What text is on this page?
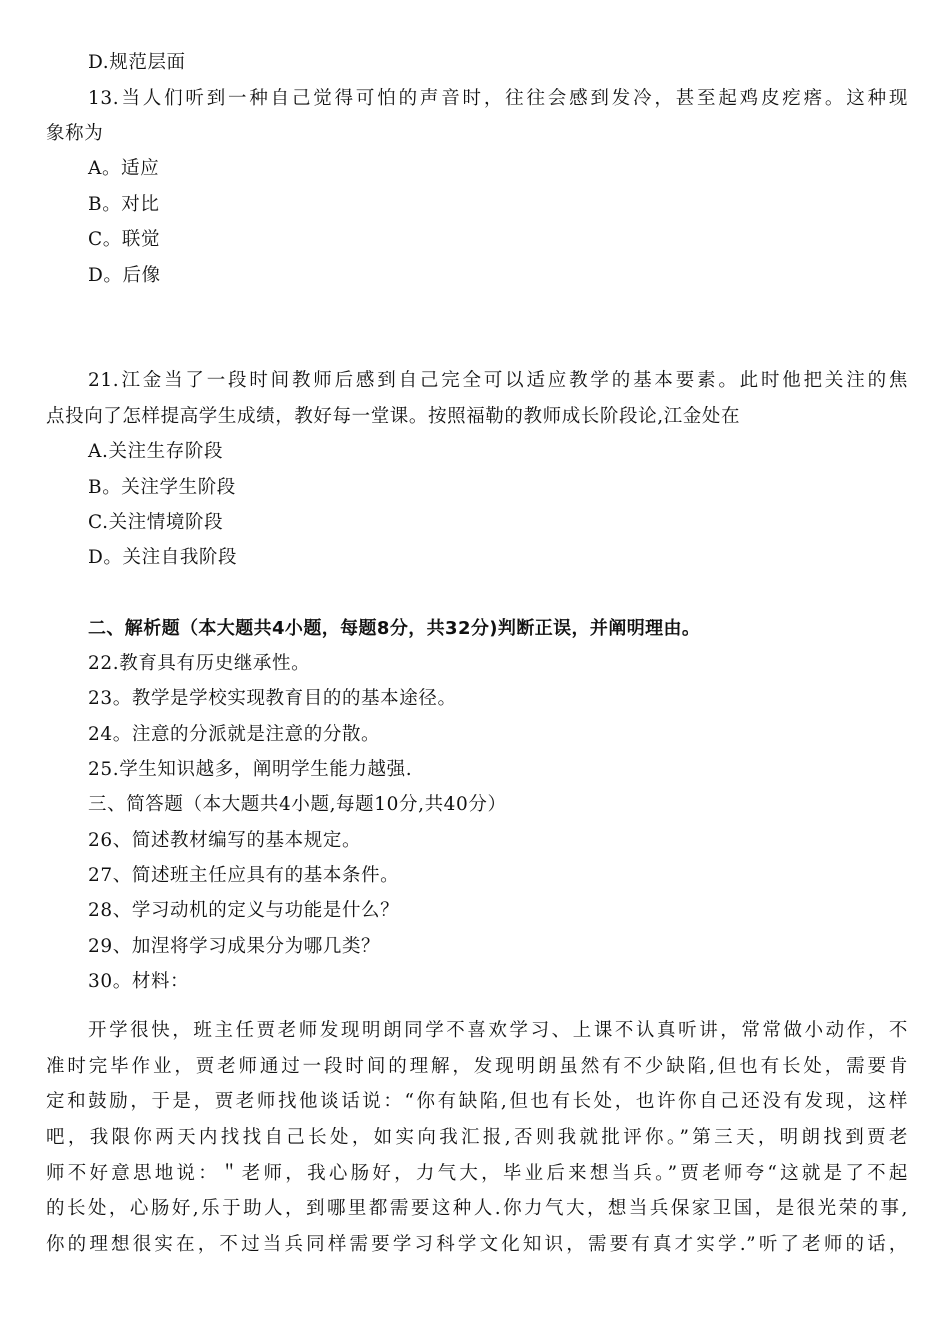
D.规范层面
13.当人们听到一种自己觉得可怕的声音时，往往会感到发冷，甚至起鸡皮疙瘩。这种现
象称为
A。适应
B。对比
C。联觉
D。后像
21.江金当了一段时间教师后感到自己完全可以适应教学的基本要素。此时他把关注的焦
点投向了怎样提高学生成绩，教好每一堂课。按照福勒的教师成长阶段论,江金处在
A.关注生存阶段
B。关注学生阶段
C.关注情境阶段
D。关注自我阶段
二、解析题（本大题共4小题，每题8分，共32分)判断正误，并阐明理由。
22.教育具有历史继承性。
23。教学是学校实现教育目的的基本途径。
24。注意的分派就是注意的分散。
25.学生知识越多，阐明学生能力越强.
三、简答题（本大题共4小题,每题10分,共40分）
26、简述教材编写的基本规定。
27、简述班主任应具有的基本条件。
28、学习动机的定义与功能是什么？
29、加涅将学习成果分为哪几类？
30。材料：
开学很快，班主任贾老师发现明朗同学不喜欢学习、上课不认真听讲，常常做小动作，不
准时完毕作业，贾老师通过一段时间的理解，发现明朗虽然有不少缺陷,但也有长处，需要肯
定和鼓励，于是，贾老师找他谈话说：“你有缺陷,但也有长处，也许你自己还没有发现，这样
吧，我限你两天内找找自己长处，如实向我汇报,否则我就批评你。”第三天，明朗找到贾老
师不好意思地说：＂老师，我心肠好，力气大，毕业后来想当兵。”贾老师夸“这就是了不起
的长处，心肠好,乐于助人，到哪里都需要这种人.你力气大，想当兵保家卫国，是很光荣的事,
你的理想很实在，不过当兵同样需要学习科学文化知识，需要有真才实学.”听了老师的话，
